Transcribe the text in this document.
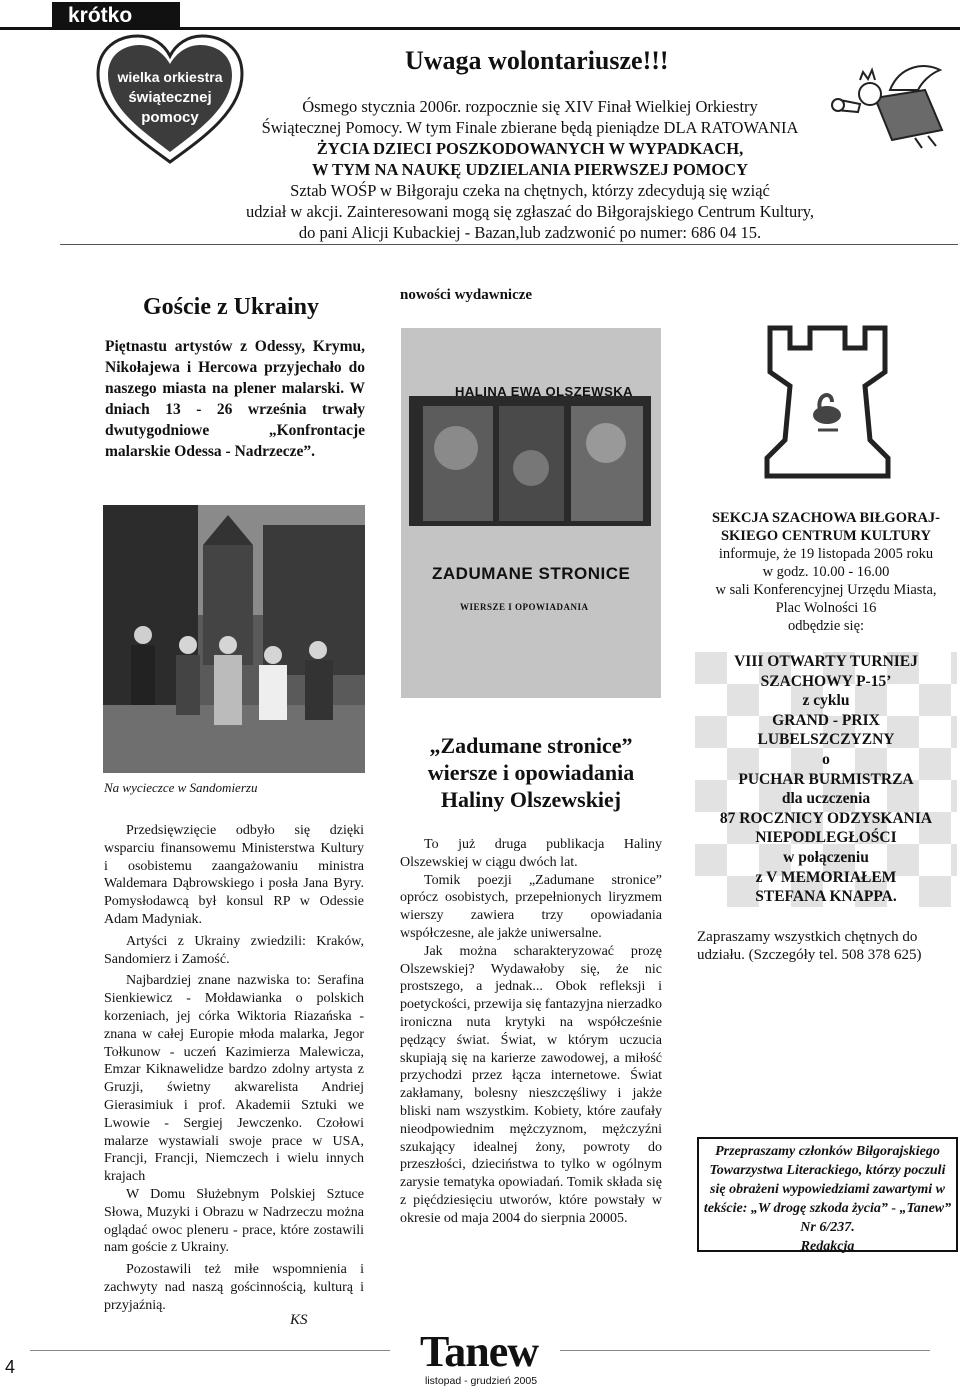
krótko
wielka orkiestra
świątecznej
pomocy
Uwaga wolontariusze!!!

Ósmego stycznia 2006r. rozpocznie się XIV Finał Wielkiej Orkiestry

Świątecznej Pomocy. W tym Finale zbierane będą pieniądze DLA RATOWANIA

ŻYCIA DZIECI POSZKODOWANYCH W WYPADKACH,

W TYM NA NAUKĘ UDZIELANIA PIERWSZEJ POMOCY

Sztab WOŚP w Biłgoraju czeka na chętnych, którzy zdecydują się wziąć

udział w akcji. Zainteresowani mogą się zgłaszać do Biłgorajskiego Centrum Kultury,

do pani Alicji Kubackiej - Bazan,lub zadzwonić po numer: 686 04 15.

Goście z Ukrainy
Piętnastu artystów z Odessy, Krymu, Nikołajewa i Hercowa przyjechało do naszego miasta na plener malarski. W dniach 13 - 26 września trwały dwutygodniowe „Konfrontacje malarskie Odessa - Nadrzecze”.
Na wycieczce w Sandomierzu

Przedsięwzięcie odbyło się dzięki wsparciu finansowemu Ministerstwa Kultury i osobistemu zaangażowaniu ministra Waldemara Dąbrowskiego i posła Jana Byry. Pomysłodawcą był konsul RP w Odessie Adam Madyniak.

Artyści z Ukrainy zwiedzili: Kraków, Sandomierz i Zamość.

Najbardziej znane nazwiska to: Serafina Sienkiewicz - Mołdawianka o polskich korzeniach, jej córka Wiktoria Riazańska - znana w całej Europie młoda malarka, Jegor Tołkunow - uczeń Kazimierza Malewicza, Emzar Kiknawelidze bardzo zdolny artysta z Gruzji, świetny akwarelista Andriej Gierasimiuk i prof. Akademii Sztuki we Lwowie - Sergiej Jewczenko. Czołowi malarze wystawiali swoje prace w USA, Francji, Francji, Niemczech i wielu innych krajach

W Domu Służebnym Polskiej Sztuce Słowa, Muzyki i Obrazu w Nadrzeczu można oglądać owoc pleneru - prace, które zostawili nam goście z Ukrainy.

Pozostawili też miłe wspomnienia i zachwyty nad naszą gościnnością, kulturą i przyjaźnią.

KS
nowości wydawnicze
HALINA EWA OLSZEWSKA
ZADUMANE STRONICE
WIERSZE I OPOWIADANIA
„Zadumane stronice”
wiersze i opowiadania
Haliny Olszewskiej

To już druga publikacja Haliny Olszewskiej w ciągu dwóch lat.

Tomik poezji „Zadumane stronice” oprócz osobistych, przepełnionych liryzmem wierszy zawiera trzy opowiadania współczesne, ale jakże uniwersalne.

Jak można scharakteryzować prozę Olszewskiej? Wydawałoby się, że nic prostszego, a jednak... Obok refleksji i poetyckości, przewija się fantazyjna nierzadko ironiczna nuta krytyki na współcześnie pędzący świat. Świat, w którym uczucia skupiają się na karierze zawodowej, a miłość przychodzi przez łącza internetowe. Świat zakłamany, bolesny nieszczęśliwy i jakże bliski nam wszystkim. Kobiety, które zaufały nieodpowiednim mężczyznom, mężczyźni szukający idealnej żony, powroty do przeszłości, dzieciństwa to tylko w ogólnym zarysie tematyka opowiadań. Tomik składa się z pięćdziesięciu utworów, które powstały w okresie od maja 2004 do sierpnia 20005.

SEKCJA SZACHOWA BIŁGORAJ-

SKIEGO CENTRUM KULTURY

informuje, że 19 listopada 2005 roku

w godz. 10.00 - 16.00

w sali Konferencyjnej Urzędu Miasta,

Plac Wolności 16

odbędzie się:

VIII OTWARTY TURNIEJ
SZACHOWY P-15’
z cyklu
GRAND - PRIX
LUBELSZCZYZNY
o
PUCHAR BURMISTRZA
dla uczczenia
87 ROCZNICY ODZYSKANIA
NIEPODLEGŁOŚCI
w połączeniu
z V MEMORIAŁEM
STEFANA KNAPPA.
Zapraszamy wszystkich chętnych do udziału. (Szczegóły tel. 508 378 625)
Przepraszamy członków Biłgorajskiego Towarzystwa Literackiego, którzy poczuli się obrażeni wypowiedziami zawartymi w tekście: „W drogę szkoda życia” - „Tanew” Nr 6/237.
Redakcja
4	Tanew
listopad - grudzień 2005
